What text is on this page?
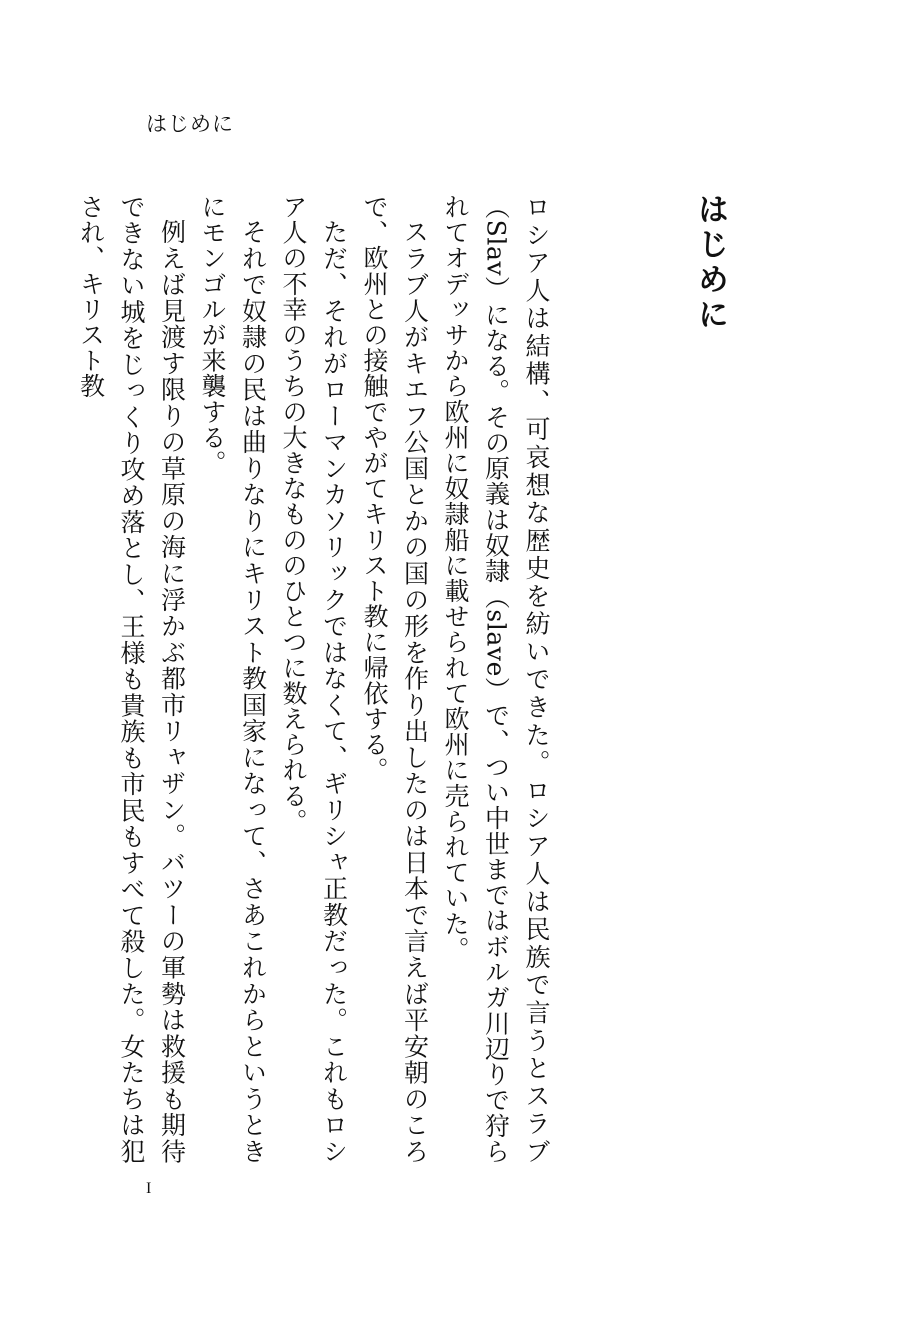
はじめに
はじめに

ロシア人は結構、可哀想な歴史を紡いできた。ロシア人は民族で言うとスラブ（Slav）になる。その原義は奴隷（slave）で、つい中世まではボルガ川辺りで狩られてオデッサから欧州に奴隷船に載せられて欧州に売られていた。

スラブ人がキエフ公国とかの国の形を作り出したのは日本で言えば平安朝のころで、欧州との接触でやがてキリスト教に帰依する。

ただ、それがローマンカソリックではなくて、ギリシャ正教だった。これもロシア人の不幸のうちの大きなもののひとつに数えられる。

それで奴隷の民は曲りなりにキリスト教国家になって、さあこれからというときにモンゴルが来襲する。

例えば見渡す限りの草原の海に浮かぶ都市リャザン。バツーの軍勢は救援も期待できない城をじっくり攻め落とし、王様も貴族も市民もすべて殺した。女たちは犯され、キリスト教

I
